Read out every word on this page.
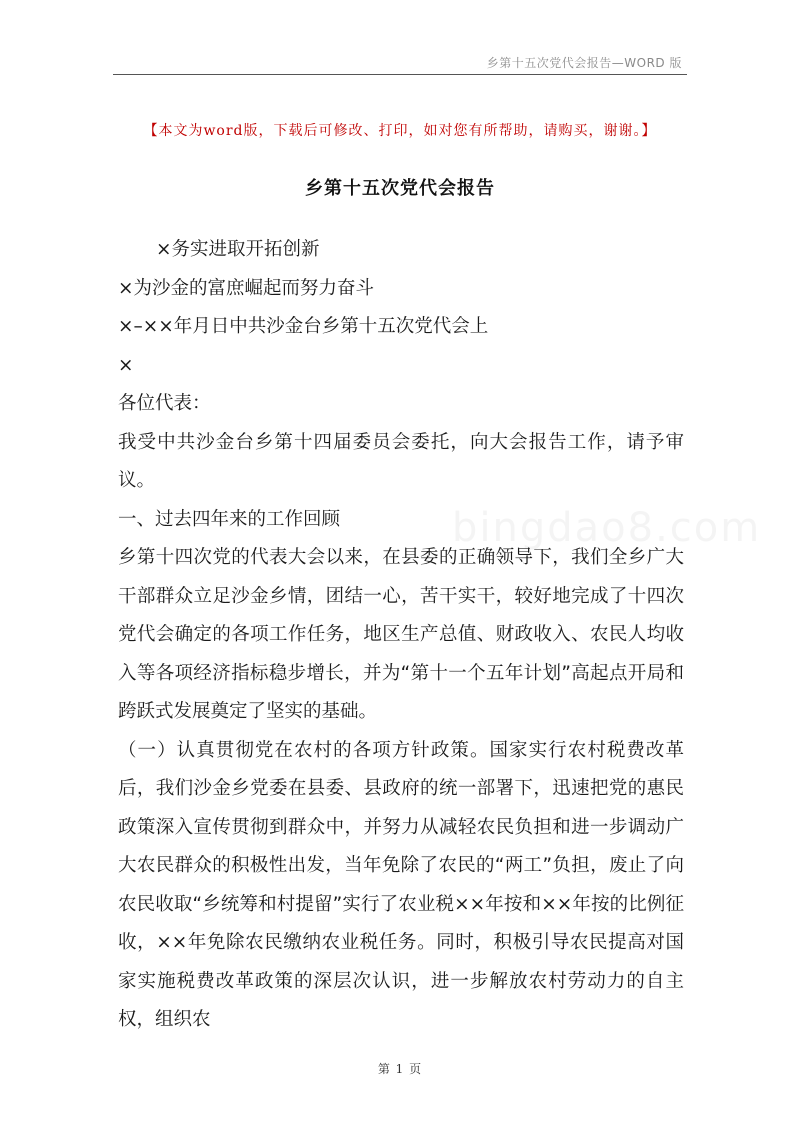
乡第十五次党代会报告—WORD 版
【本文为word版，下载后可修改、打印，如对您有所帮助，请购买，谢谢。】
乡第十五次党代会报告
bingdao8.com

×务实进取开拓创新

×为沙金的富庶崛起而努力奋斗

×–××年月日中共沙金台乡第十五次党代会上

×

各位代表：

我受中共沙金台乡第十四届委员会委托，向大会报告工作，请予审议。

一、过去四年来的工作回顾

乡第十四次党的代表大会以来，在县委的正确领导下，我们全乡广大干部群众立足沙金乡情，团结一心，苦干实干，较好地完成了十四次党代会确定的各项工作任务，地区生产总值、财政收入、农民人均收入等各项经济指标稳步增长，并为“第十一个五年计划”高起点开局和跨跃式发展奠定了坚实的基础。

（一）认真贯彻党在农村的各项方针政策。国家实行农村税费改革后，我们沙金乡党委在县委、县政府的统一部署下，迅速把党的惠民政策深入宣传贯彻到群众中，并努力从减轻农民负担和进一步调动广大农民群众的积极性出发，当年免除了农民的“两工”负担，废止了向农民收取“乡统筹和村提留”实行了农业税××年按和××年按的比例征收，××年免除农民缴纳农业税任务。同时，积极引导农民提高对国家实施税费改革政策的深层次认识，进一步解放农村劳动力的自主权，组织农

第 1 页
